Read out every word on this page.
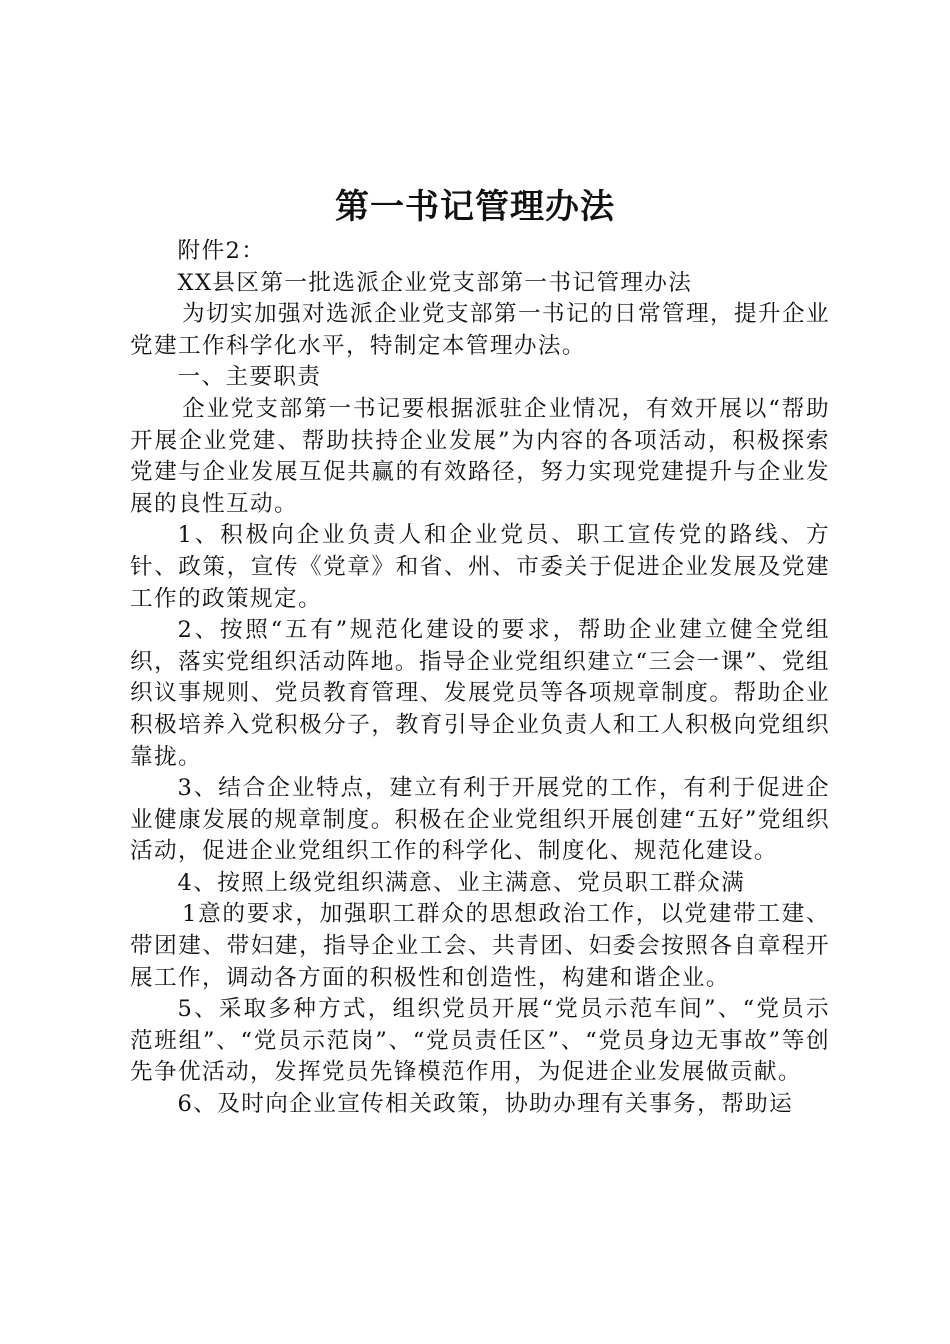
第一书记管理办法

附件2：

XX县区第一批选派企业党支部第一书记管理办法

为切实加强对选派企业党支部第一书记的日常管理，提升企业党建工作科学化水平，特制定本管理办法。

一、主要职责

企业党支部第一书记要根据派驻企业情况，有效开展以“帮助开展企业党建、帮助扶持企业发展”为内容的各项活动，积极探索党建与企业发展互促共赢的有效路径，努力实现党建提升与企业发展的良性互动。

1、积极向企业负责人和企业党员、职工宣传党的路线、方针、政策，宣传《党章》和省、州、市委关于促进企业发展及党建工作的政策规定。

2、按照“五有”规范化建设的要求，帮助企业建立健全党组织，落实党组织活动阵地。指导企业党组织建立“三会一课”、党组织议事规则、党员教育管理、发展党员等各项规章制度。帮助企业积极培养入党积极分子，教育引导企业负责人和工人积极向党组织靠拢。

3、结合企业特点，建立有利于开展党的工作，有利于促进企业健康发展的规章制度。积极在企业党组织开展创建“五好”党组织活动，促进企业党组织工作的科学化、制度化、规范化建设。

4、按照上级党组织满意、业主满意、党员职工群众满

1意的要求，加强职工群众的思想政治工作，以党建带工建、带团建、带妇建，指导企业工会、共青团、妇委会按照各自章程开展工作，调动各方面的积极性和创造性，构建和谐企业。

5、采取多种方式，组织党员开展“党员示范车间”、“党员示范班组”、“党员示范岗”、“党员责任区”、“党员身边无事故”等创先争优活动，发挥党员先锋模范作用，为促进企业发展做贡献。

6、及时向企业宣传相关政策，协助办理有关事务，帮助运
